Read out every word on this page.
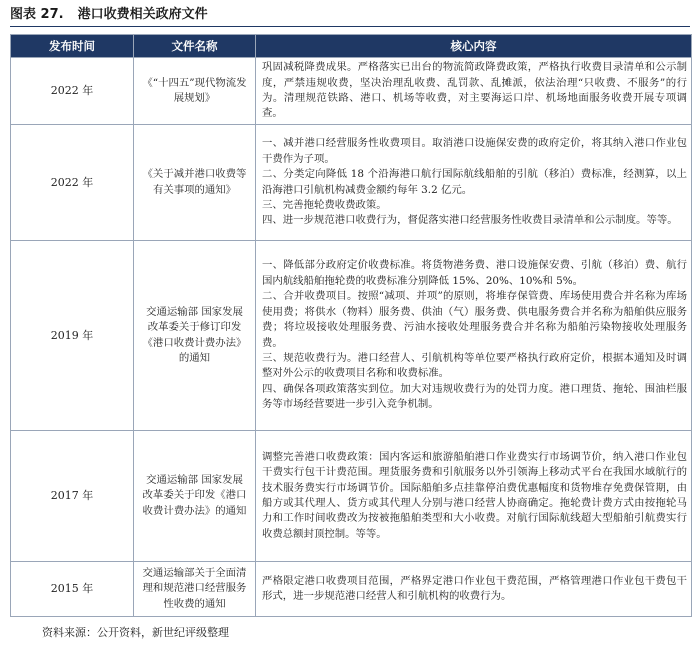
图表 27. 港口收费相关政府文件
发布时间	文件名称	核心内容
2022 年	《“十四五”现代物流发展规划》	巩固减税降费成果。严格落实已出台的物流简政降费政策，严格执行收费目录清单和公示制度，严禁违规收费，坚决治理乱收费、乱罚款、乱摊派，依法治理“只收费、不服务”的行为。清理规范铁路、港口、机场等收费，对主要海运口岸、机场地面服务收费开展专项调查。

2022 年	《关于减并港口收费等有关事项的通知》	一、减并港口经营服务性收费项目。取消港口设施保安费的政府定价，将其纳入港口作业包干费作为子项。
二、分类定向降低 18 个沿海港口航行国际航线船舶的引航（移泊）费标准，经测算，以上沿海港口引航机构减费金额约每年 3.2 亿元。
三、完善拖轮费收费政策。
四、进一步规范港口收费行为，督促落实港口经营服务性收费目录清单和公示制度。等等。

2019 年	交通运输部 国家发展改革委关于修订印发《港口收费计费办法》的通知	一、降低部分政府定价收费标准。将货物港务费、港口设施保安费、引航（移泊）费、航行国内航线船舶拖轮费的收费标准分别降低 15%、20%、10%和 5%。
二、合并收费项目。按照“减项、并项”的原则，将堆存保管费、库场使用费合并名称为库场使用费；将供水（物料）服务费、供油（气）服务费、供电服务费合并名称为船舶供应服务费；将垃圾接收处理服务费、污油水接收处理服务费合并名称为船舶污染物接收处理服务费。
三、规范收费行为。港口经营人、引航机构等单位要严格执行政府定价，根据本通知及时调整对外公示的收费项目名称和收费标准。
四、确保各项政策落实到位。加大对违规收费行为的处罚力度。港口理货、拖轮、围油栏服务等市场经营要进一步引入竞争机制。

2017 年	交通运输部 国家发展改革委关于印发《港口收费计费办法》的通知	调整完善港口收费政策：国内客运和旅游船舶港口作业费实行市场调节价，纳入港口作业包干费实行包干计费范围。理货服务费和引航服务以外引领海上移动式平台在我国水域航行的技术服务费实行市场调节价。国际船舶多点挂靠停泊费优惠幅度和货物堆存免费保管期，由船方或其代理人、货方或其代理人分别与港口经营人协商确定。拖轮费计费方式由按拖轮马力和工作时间收费改为按被拖船舶类型和大小收费。对航行国际航线超大型船舶引航费实行收费总额封顶控制。等等。

2015 年	交通运输部关于全面清理和规范港口经营服务性收费的通知	严格限定港口收费项目范围，严格界定港口作业包干费范围，严格管理港口作业包干费包干形式，进一步规范港口经营人和引航机构的收费行为。
资料来源：公开资料，新世纪评级整理
